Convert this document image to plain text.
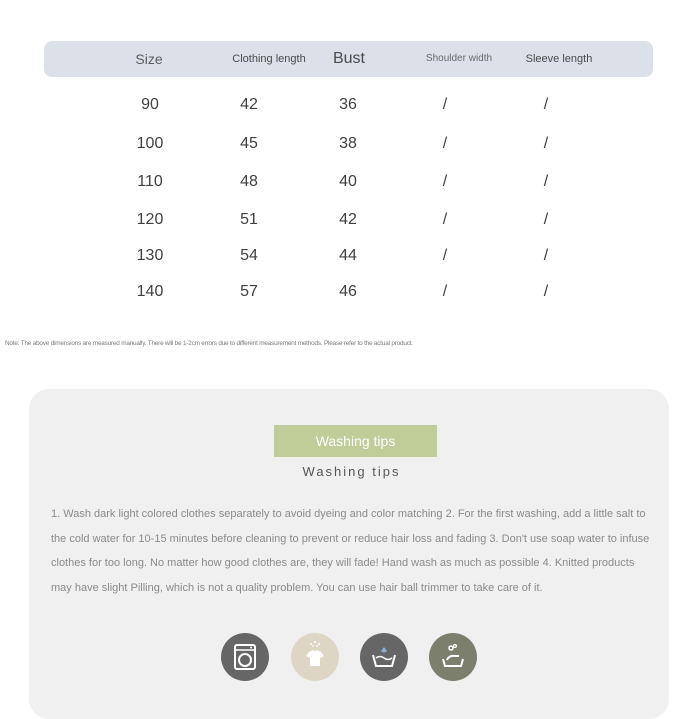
Size	Clothing length	Bust	Shoulder width	Sleeve length
90	42	36	/	/
100	45	38	/	/
110	48	40	/	/
120	51	42	/	/
130	54	44	/	/
140	57	46	/	/
Note: The above dimensions are measured manually. There will be 1-2cm errors due to different measurement methods. Please refer to the actual product.
Washing tips
Washing tips
1. Wash dark light colored clothes separately to avoid dyeing and color matching 2. For the first washing, add a little salt to the cold water for 10-15 minutes before cleaning to prevent or reduce hair loss and fading 3. Don't use soap water to infuse clothes for too long. No matter how good clothes are, they will fade! Hand wash as much as possible 4. Knitted products may have slight Pilling, which is not a quality problem. You can use hair ball trimmer to take care of it.
